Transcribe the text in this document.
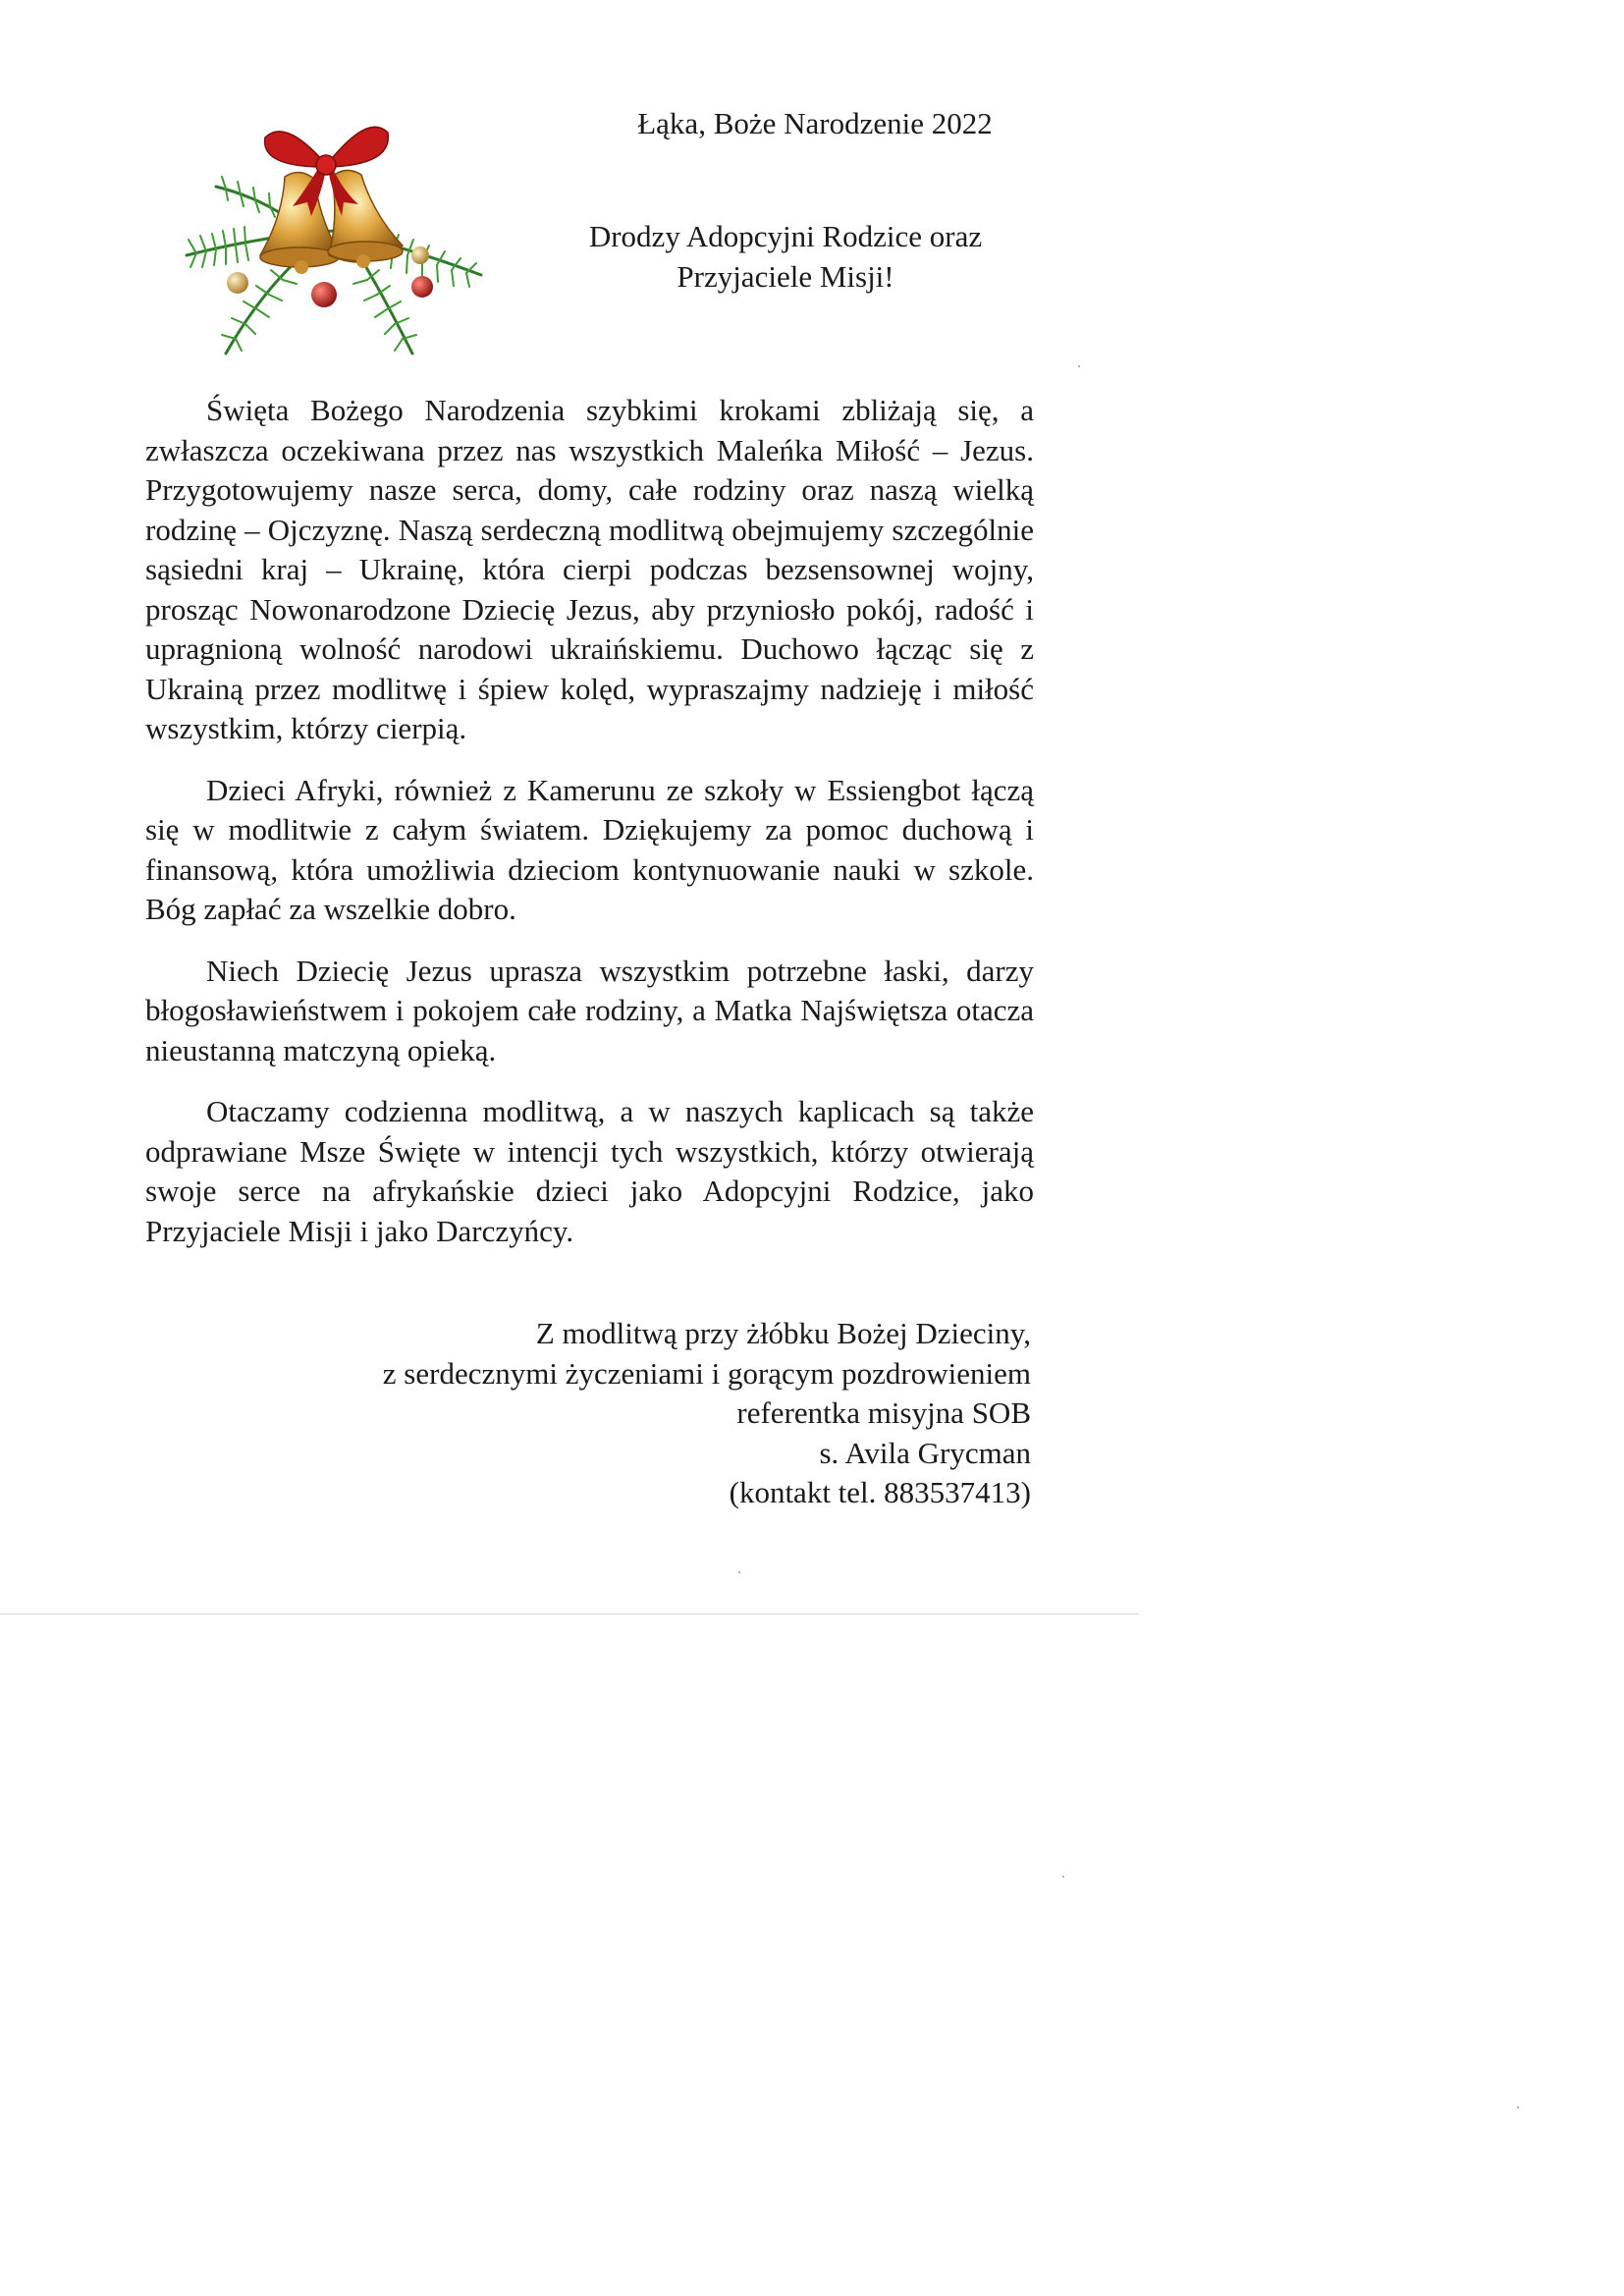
Łąka, Boże Narodzenie 2022
Drodzy Adopcyjni Rodzice oraz
Przyjaciele Misji!

Święta Bożego Narodzenia szybkimi krokami zbliżają się, a zwłaszcza oczekiwana przez nas wszystkich Maleńka Miłość – Jezus. Przygotowujemy nasze serca, domy, całe rodziny oraz naszą wielką rodzinę – Ojczyznę. Naszą serdeczną modlitwą obejmujemy szczególnie sąsiedni kraj – Ukrainę, która cierpi podczas bezsensownej wojny, prosząc Nowonarodzone Dziecię Jezus, aby przyniosło pokój, radość i upragnioną wolność narodowi ukraińskiemu. Duchowo łącząc się z Ukrainą przez modlitwę i śpiew kolęd, wypraszajmy nadzieję i miłość wszystkim, którzy cierpią.

Dzieci Afryki, również z Kamerunu ze szkoły w Essiengbot łączą się w modlitwie z całym światem. Dziękujemy za pomoc duchową i finansową, która umożliwia dzieciom kontynuowanie nauki w szkole. Bóg zapłać za wszelkie dobro.

Niech Dziecię Jezus uprasza wszystkim potrzebne łaski, darzy błogosławieństwem i pokojem całe rodziny, a Matka Najświętsza otacza nieustanną matczyną opieką.

Otaczamy codzienna modlitwą, a w naszych kaplicach są także odprawiane Msze Święte w intencji tych wszystkich, którzy otwierają swoje serce na afrykańskie dzieci jako Adopcyjni Rodzice, jako Przyjaciele Misji i jako Darczyńcy.

Z modlitwą przy żłóbku Bożej Dzieciny,
z serdecznymi życzeniami i gorącym pozdrowieniem
referentka misyjna SOB
s. Avila Grycman
(kontakt tel. 883537413)
